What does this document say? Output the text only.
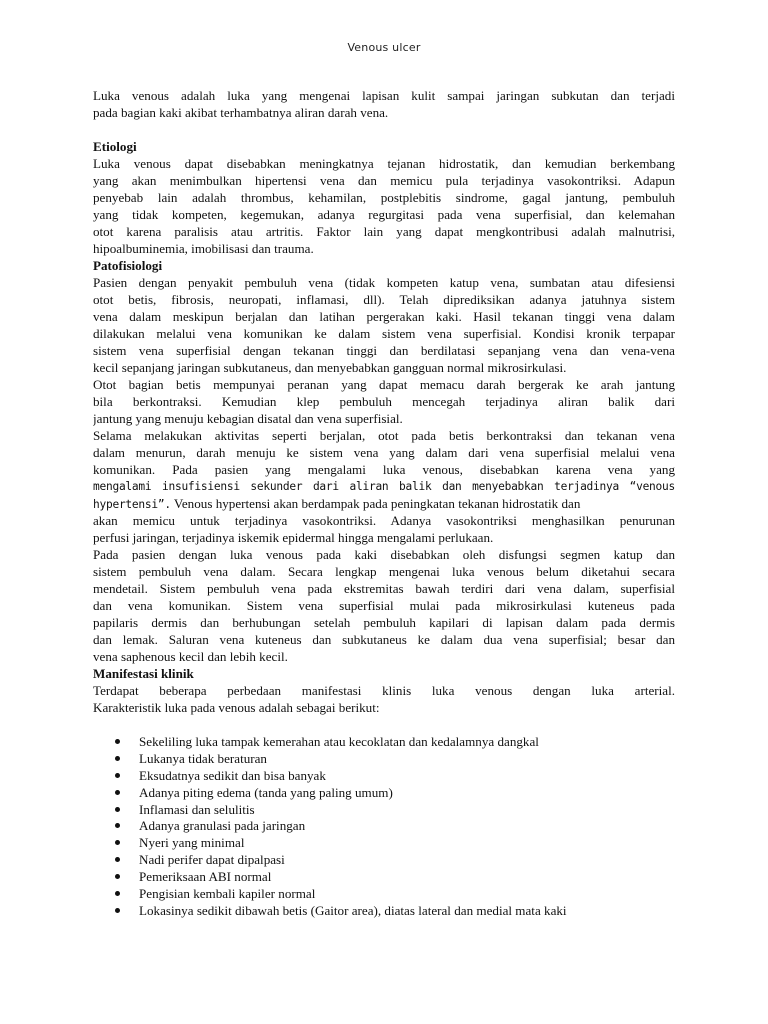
Venous ulcer
Luka venous adalah luka yang mengenai lapisan kulit sampai jaringan subkutan dan terjadi
pada bagian kaki akibat terhambatnya aliran darah vena.
Etiologi
Luka venous dapat disebabkan meningkatnya tejanan hidrostatik, dan kemudian berkembang
yang akan menimbulkan hipertensi vena dan memicu pula terjadinya vasokontriksi. Adapun
penyebab lain adalah thrombus, kehamilan, postplebitis sindrome, gagal jantung, pembuluh
yang tidak kompeten, kegemukan, adanya regurgitasi pada vena superfisial, dan kelemahan
otot karena paralisis atau artritis. Faktor lain yang dapat mengkontribusi adalah malnutrisi,
hipoalbuminemia, imobilisasi dan trauma.
Patofisiologi
Pasien dengan penyakit pembuluh vena (tidak kompeten katup vena, sumbatan atau difesiensi
otot betis, fibrosis, neuropati, inflamasi, dll). Telah diprediksikan adanya jatuhnya sistem
vena dalam meskipun berjalan dan latihan pergerakan kaki. Hasil tekanan tinggi vena dalam
dilakukan melalui vena komunikan ke dalam sistem vena superfisial. Kondisi kronik terpapar
sistem vena superfisial dengan tekanan tinggi dan berdilatasi sepanjang vena dan vena-vena
kecil sepanjang jaringan subkutaneus, dan menyebabkan gangguan normal mikrosirkulasi.
Otot bagian betis mempunyai peranan yang dapat memacu darah bergerak ke arah jantung
bila berkontraksi. Kemudian klep pembuluh mencegah terjadinya aliran balik dari
jantung yang menuju kebagian disatal dan vena superfisial.
Selama melakukan aktivitas seperti berjalan, otot pada betis berkontraksi dan tekanan vena
dalam menurun, darah menuju ke sistem vena yang dalam dari vena superfisial melalui vena
komunikan. Pada pasien yang mengalami luka venous, disebabkan karena vena yang
mengalami insufisiensi sekunder dari aliran balik dan menyebabkan terjadinya “venous
hypertensi”. Venous hypertensi akan berdampak pada peningkatan tekanan hidrostatik dan
akan memicu untuk terjadinya vasokontriksi. Adanya vasokontriksi menghasilkan penurunan
perfusi jaringan, terjadinya iskemik epidermal hingga mengalami perlukaan.
Pada pasien dengan luka venous pada kaki disebabkan oleh disfungsi segmen katup dan
sistem pembuluh vena dalam. Secara lengkap mengenai luka venous belum diketahui secara
mendetail. Sistem pembuluh vena pada ekstremitas bawah terdiri dari vena dalam, superfisial
dan vena komunikan. Sistem vena superfisial mulai pada mikrosirkulasi kuteneus pada
papilaris dermis dan berhubungan setelah pembuluh kapilari di lapisan dalam pada dermis
dan lemak. Saluran vena kuteneus dan subkutaneus ke dalam dua vena superfisial; besar dan
vena saphenous kecil dan lebih kecil.
Manifestasi klinik
Terdapat beberapa perbedaan manifestasi klinis luka venous dengan luka arterial.
Karakteristik luka pada venous adalah sebagai berikut:
Sekeliling luka tampak kemerahan atau kecoklatan dan kedalamnya dangkal
Lukanya tidak beraturan
Eksudatnya sedikit dan bisa banyak
Adanya piting edema (tanda yang paling umum)
Inflamasi dan selulitis
Adanya granulasi pada jaringan
Nyeri yang minimal
Nadi perifer dapat dipalpasi
Pemeriksaan ABI normal
Pengisian kembali kapiler normal
Lokasinya sedikit dibawah betis (Gaitor area), diatas lateral dan medial mata kaki
